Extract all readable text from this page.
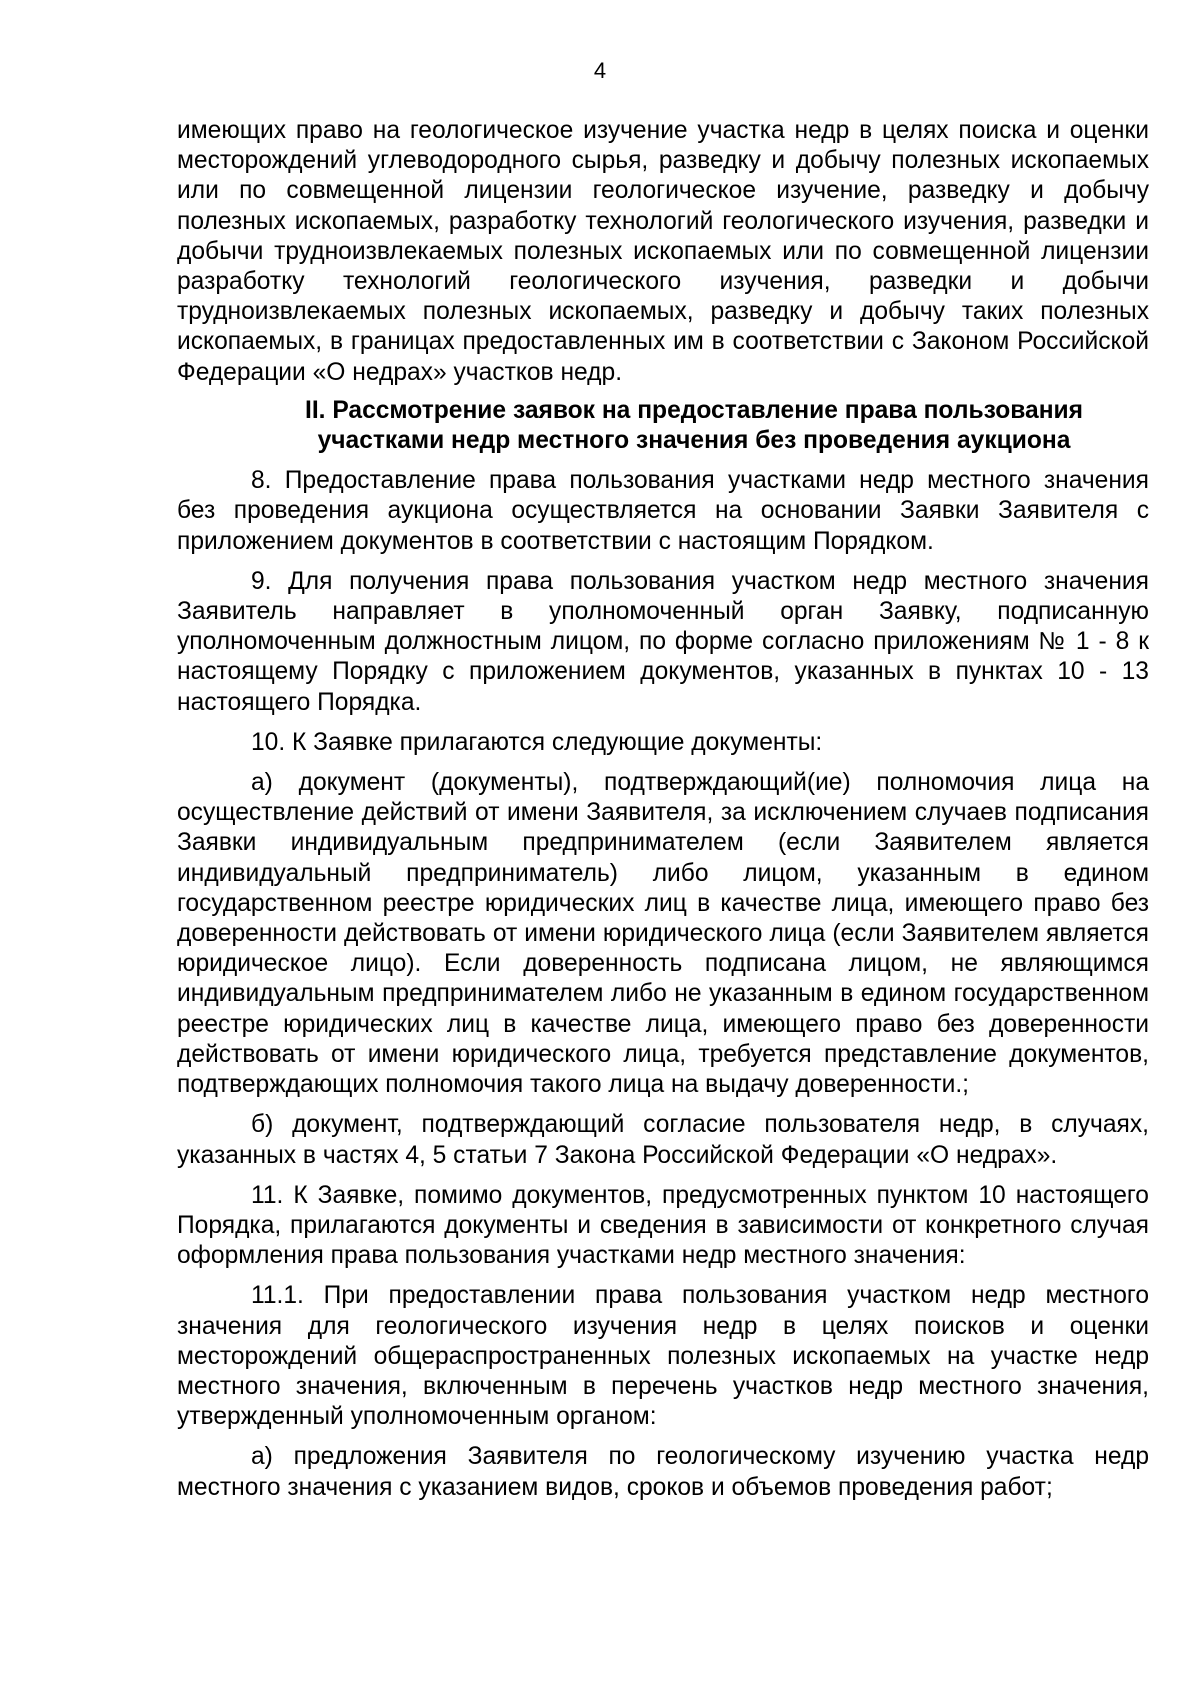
4

имеющих право на геологическое изучение участка недр в целях поиска и оценки месторождений углеводородного сырья, разведку и добычу полезных ископаемых или по совмещенной лицензии геологическое изучение, разведку и добычу полезных ископаемых, разработку технологий геологического изучения, разведки и добычи трудноизвлекаемых полезных ископаемых или по совмещенной лицензии разработку технологий геологического изучения, разведки и добычи трудноизвлекаемых полезных ископаемых, разведку и добычу таких полезных ископаемых, в границах предоставленных им в соответствии с Законом Российской Федерации «О недрах» участков недр.

II. Рассмотрение заявок на предоставление права пользования участками недр местного значения без проведения аукциона

8. Предоставление права пользования участками недр местного значения без проведения аукциона осуществляется на основании Заявки Заявителя с приложением документов в соответствии с настоящим Порядком.

9. Для получения права пользования участком недр местного значения Заявитель направляет в уполномоченный орган Заявку, подписанную уполномоченным должностным лицом, по форме согласно приложениям № 1 - 8 к настоящему Порядку с приложением документов, указанных в пунктах 10 - 13 настоящего Порядка.

10. К Заявке прилагаются следующие документы:

а) документ (документы), подтверждающий(ие) полномочия лица на осуществление действий от имени Заявителя, за исключением случаев подписания Заявки индивидуальным предпринимателем (если Заявителем является индивидуальный предприниматель) либо лицом, указанным в едином государственном реестре юридических лиц в качестве лица, имеющего право без доверенности действовать от имени юридического лица (если Заявителем является юридическое лицо). Если доверенность подписана лицом, не являющимся индивидуальным предпринимателем либо не указанным в едином государственном реестре юридических лиц в качестве лица, имеющего право без доверенности действовать от имени юридического лица, требуется представление документов, подтверждающих полномочия такого лица на выдачу доверенности.;

б) документ, подтверждающий согласие пользователя недр, в случаях, указанных в частях 4, 5 статьи 7 Закона Российской Федерации «О недрах».

11. К Заявке, помимо документов, предусмотренных пунктом 10 настоящего Порядка, прилагаются документы и сведения в зависимости от конкретного случая оформления права пользования участками недр местного значения:

11.1. При предоставлении права пользования участком недр местного значения для геологического изучения недр в целях поисков и оценки месторождений общераспространенных полезных ископаемых на участке недр местного значения, включенным в перечень участков недр местного значения, утвержденный уполномоченным органом:

а) предложения Заявителя по геологическому изучению участка недр местного значения с указанием видов, сроков и объемов проведения работ;
